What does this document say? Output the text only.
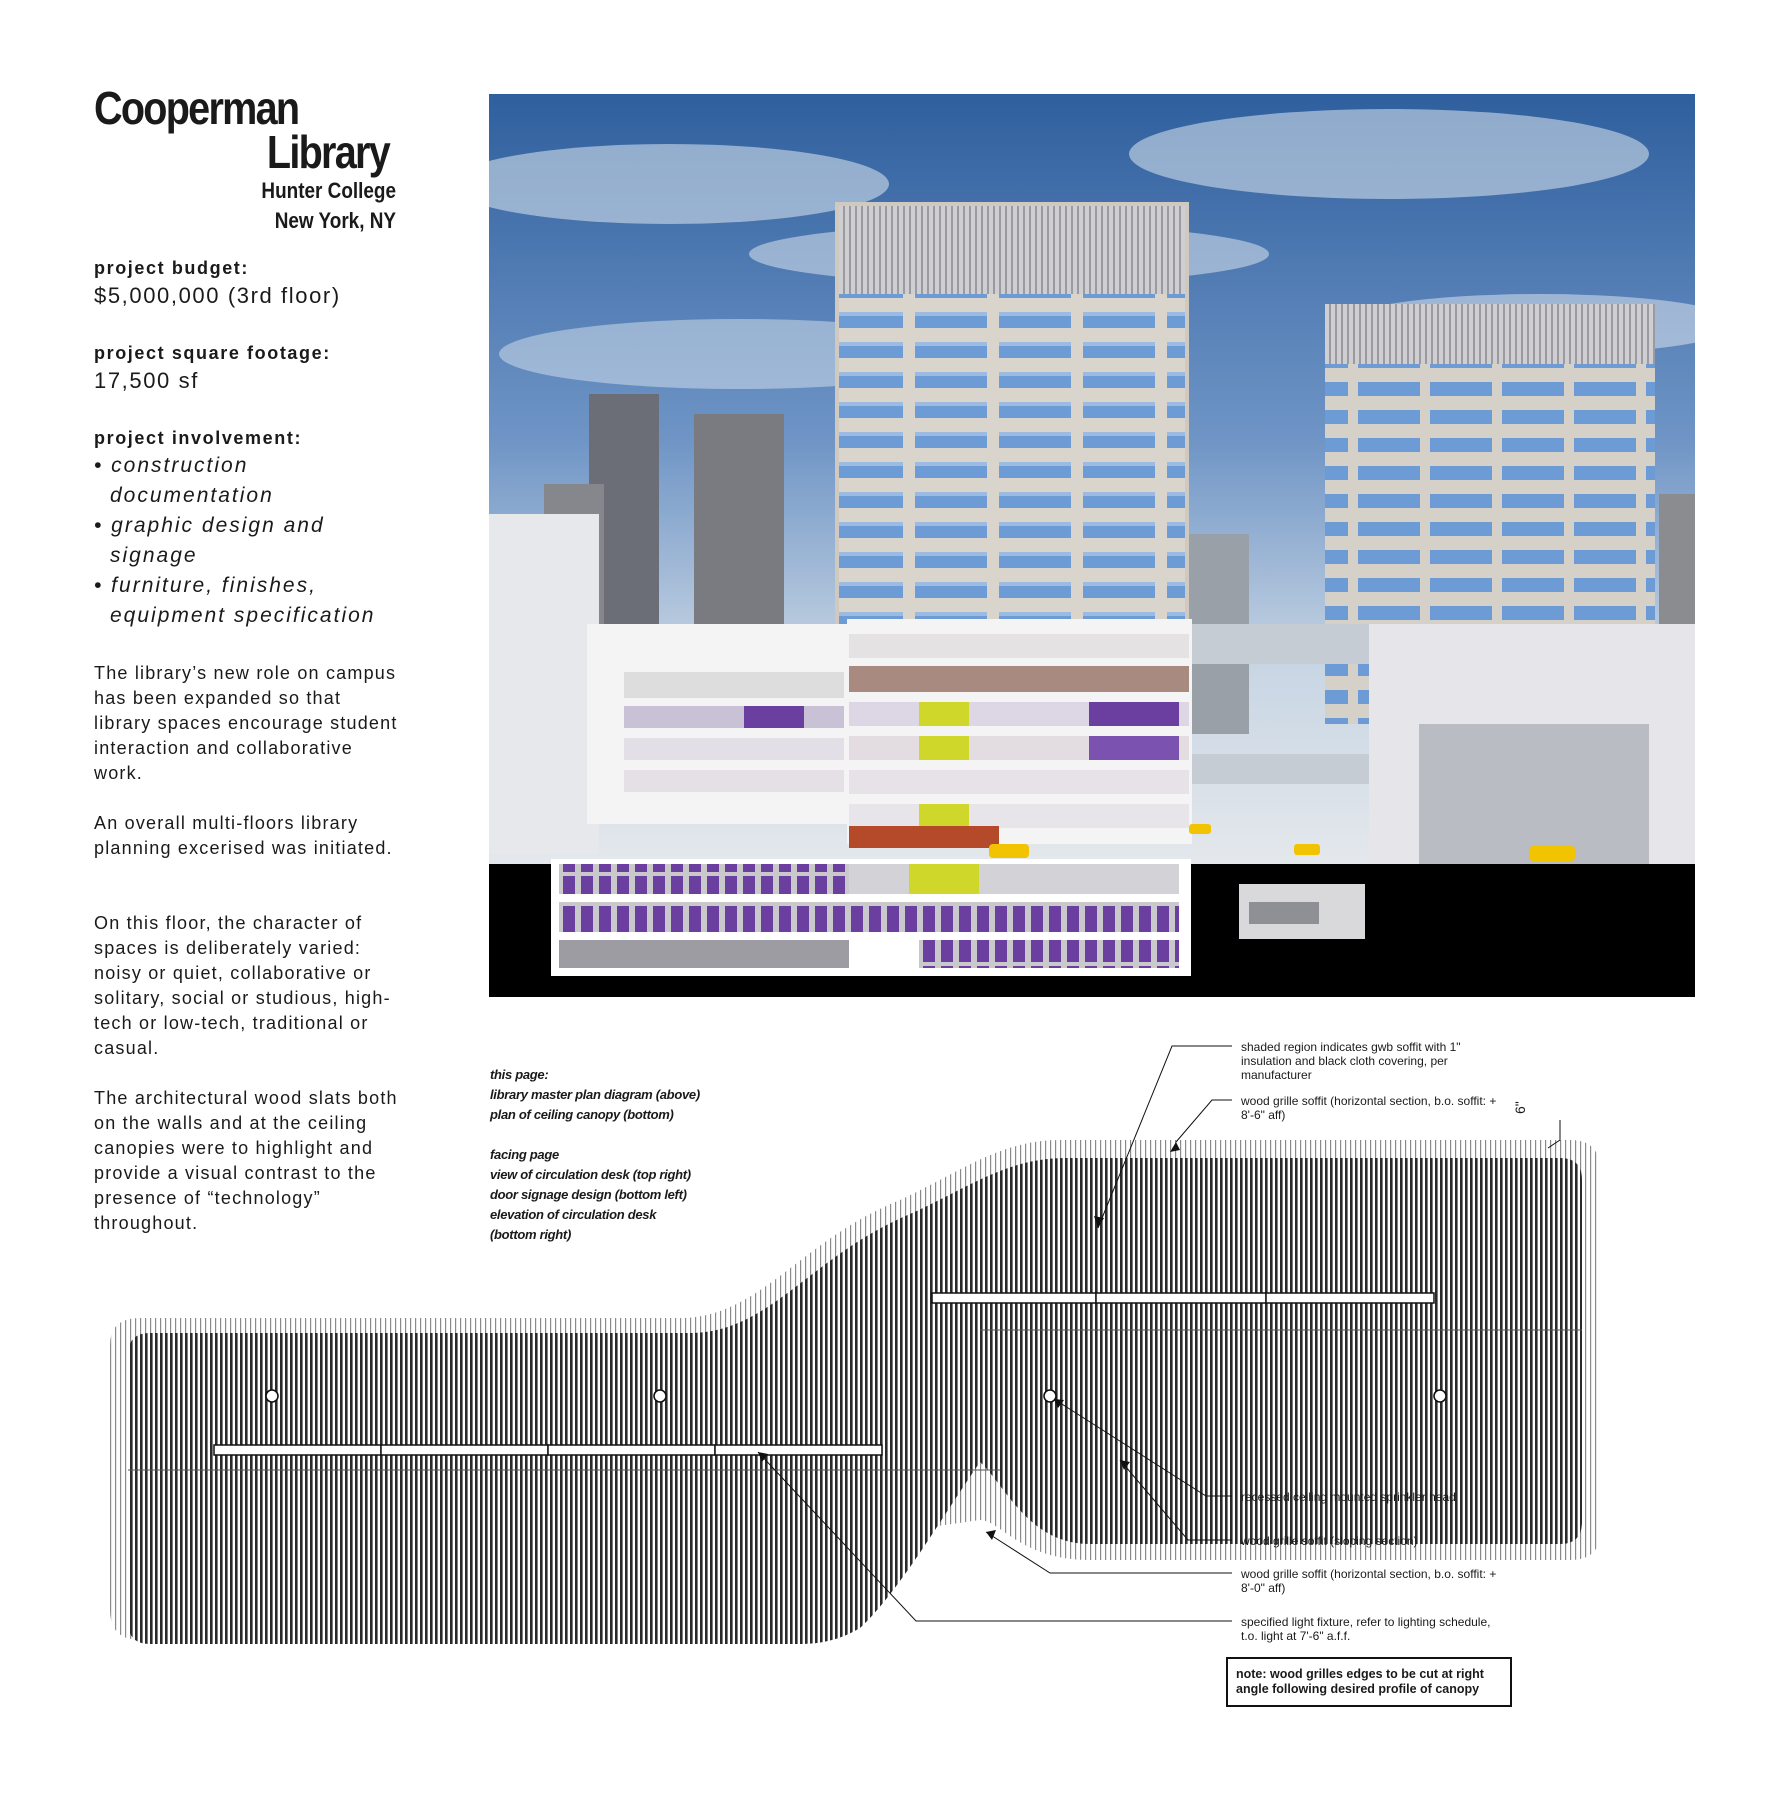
Cooperman
Library
Hunter College
New York, NY
project budget:
$5,000,000 (3rd floor)
project square footage:
17,500 sf
project involvement:
• construction documentation
• graphic design and signage
• furniture, finishes, equipment specification

The library’s new role on campus has been expanded so that library spaces encourage student interaction and collaborative work.

An overall multi-floors library planning excerised was initiated.

On this floor, the character of spaces is deliberately varied: noisy or quiet, collaborative or solitary, social or studious, high-tech or low-tech, traditional or casual.

The architectural wood slats both on the walls and at the ceiling canopies were to highlight and provide a visual contrast to the presence of “technology” throughout.

this page:

library master plan diagram (above)

plan of ceiling canopy (bottom)

facing page

view of circulation desk (top right)

door signage design (bottom left)

elevation of circulation desk

(bottom right)

shaded region indicates gwb soffit with 1" insulation and black cloth covering, per manufacturer
wood grille soffit (horizontal section, b.o. soffit: + 8'-6" aff)
recessed ceiling mounted sprinkler head
wood grille soffit (sloping section)
wood grille soffit (horizontal section, b.o. soffit: + 8'-0" aff)
specified light fixture, refer to lighting schedule, t.o. light at 7'-6" a.f.f.
6"
note: wood grilles edges to be cut at right angle following desired profile of canopy
